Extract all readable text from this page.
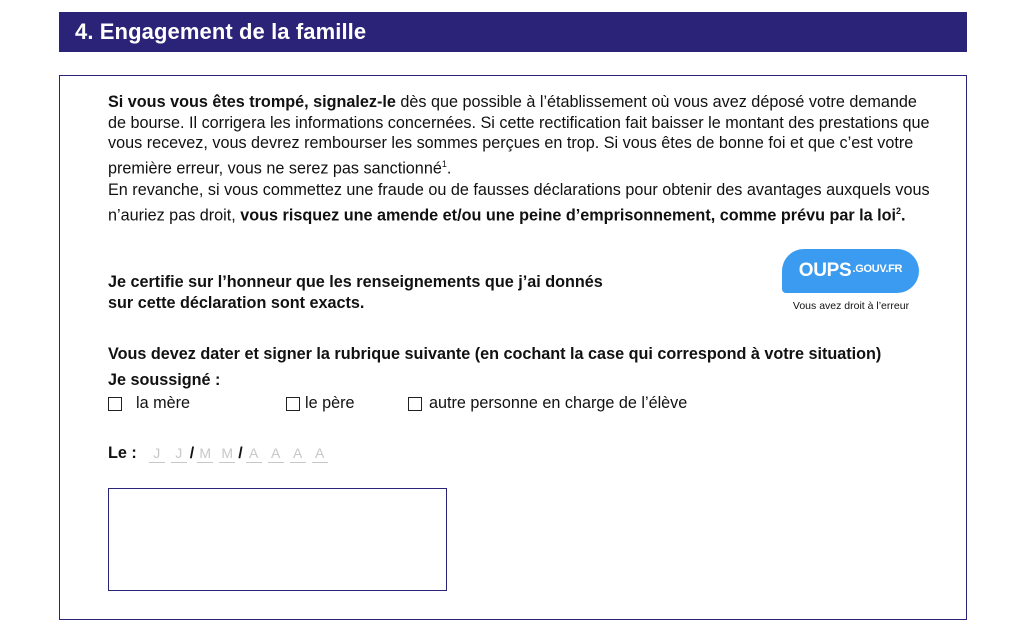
4. Engagement de la famille

Si vous vous êtes trompé, signalez-le dès que possible à l’établissement où vous avez déposé votre demande de bourse. Il corrigera les informations concernées. Si cette rectification fait baisser le montant des prestations que vous recevez, vous devrez rembourser les sommes perçues en trop. Si vous êtes de bonne foi et que c’est votre première erreur, vous ne serez pas sanctionné$^1$.

En revanche, si vous commettez une fraude ou de fausses déclarations pour obtenir des avantages auxquels vous n’auriez pas droit, vous risquez une amende et/ou une peine d’emprisonnement, comme prévu par la loi$^2$.

Je certifie sur l’honneur que les renseignements que j’ai donnés
sur cette déclaration sont exacts.
OUPS .GOUV.FR
Vous avez droit à l’erreur
Vous devez dater et signer la rubrique suivante (en cochant la case qui correspond à votre situation)
Je soussigné :
la mère	le père	autre personne en charge de l’élève
Le :	J	J / M M / A A A A
